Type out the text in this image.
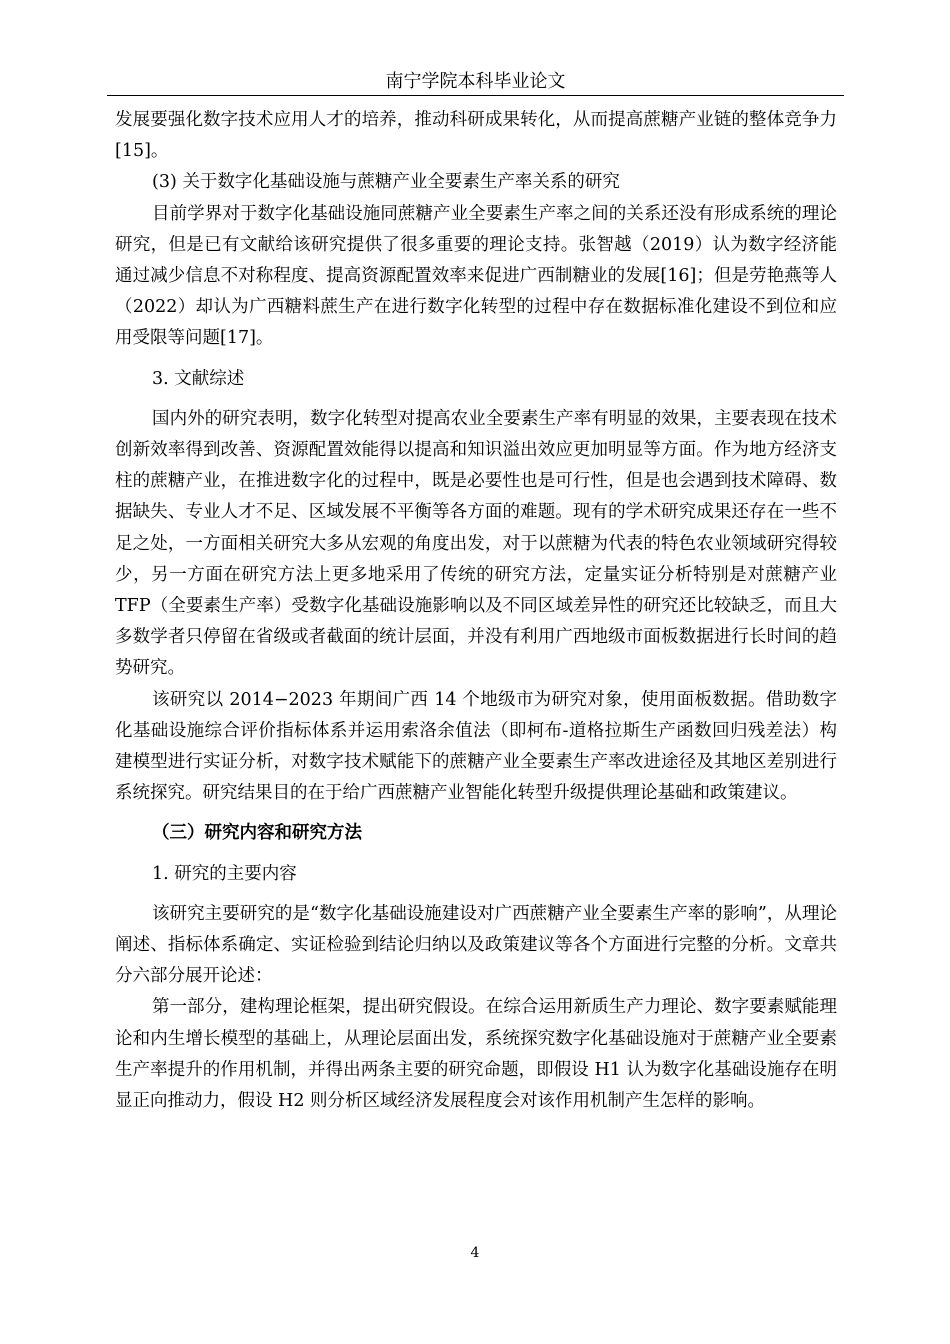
南宁学院本科毕业论文

发展要强化数字技术应用人才的培养，推动科研成果转化，从而提高蔗糖产业链的整体竞争力[15]。

(3) 关于数字化基础设施与蔗糖产业全要素生产率关系的研究

目前学界对于数字化基础设施同蔗糖产业全要素生产率之间的关系还没有形成系统的理论研究，但是已有文献给该研究提供了很多重要的理论支持。张智越（2019）认为数字经济能通过减少信息不对称程度、提高资源配置效率来促进广西制糖业的发展[16]；但是劳艳燕等人（2022）却认为广西糖料蔗生产在进行数字化转型的过程中存在数据标准化建设不到位和应用受限等问题[17]。

3. 文献综述

国内外的研究表明，数字化转型对提高农业全要素生产率有明显的效果，主要表现在技术创新效率得到改善、资源配置效能得以提高和知识溢出效应更加明显等方面。作为地方经济支柱的蔗糖产业，在推进数字化的过程中，既是必要性也是可行性，但是也会遇到技术障碍、数据缺失、专业人才不足、区域发展不平衡等各方面的难题。现有的学术研究成果还存在一些不足之处，一方面相关研究大多从宏观的角度出发，对于以蔗糖为代表的特色农业领域研究得较少，另一方面在研究方法上更多地采用了传统的研究方法，定量实证分析特别是对蔗糖产业 TFP（全要素生产率）受数字化基础设施影响以及不同区域差异性的研究还比较缺乏，而且大多数学者只停留在省级或者截面的统计层面，并没有利用广西地级市面板数据进行长时间的趋势研究。

该研究以 2014−2023 年期间广西 14 个地级市为研究对象，使用面板数据。借助数字化基础设施综合评价指标体系并运用索洛余值法（即柯布-道格拉斯生产函数回归残差法）构建模型进行实证分析，对数字技术赋能下的蔗糖产业全要素生产率改进途径及其地区差别进行系统探究。研究结果目的在于给广西蔗糖产业智能化转型升级提供理论基础和政策建议。

（三）研究内容和研究方法

1. 研究的主要内容

该研究主要研究的是“数字化基础设施建设对广西蔗糖产业全要素生产率的影响”，从理论阐述、指标体系确定、实证检验到结论归纳以及政策建议等各个方面进行完整的分析。文章共分六部分展开论述：

第一部分，建构理论框架，提出研究假设。在综合运用新质生产力理论、数字要素赋能理论和内生增长模型的基础上，从理论层面出发，系统探究数字化基础设施对于蔗糖产业全要素生产率提升的作用机制，并得出两条主要的研究命题，即假设 H1 认为数字化基础设施存在明显正向推动力，假设 H2 则分析区域经济发展程度会对该作用机制产生怎样的影响。

4
